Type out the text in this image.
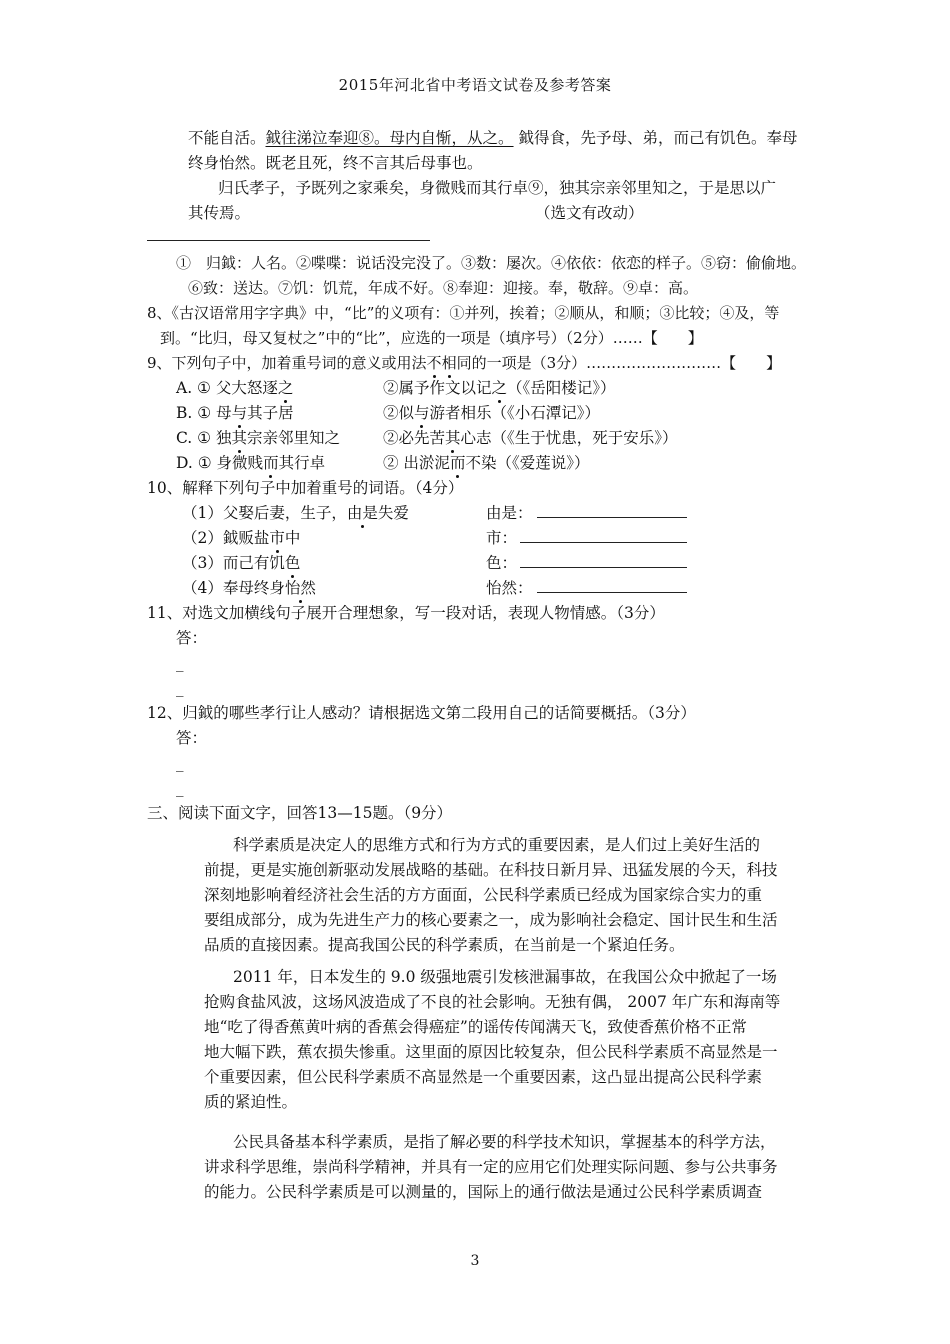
2015年河北省中考语文试卷及参考答案
不能自活。鉞往涕泣奉迎⑧。母内自惭，从之。 鉞得食，先予母、弟，而己有饥色。奉母
终身怡然。既老且死，终不言其后母事也。
归氏孝子，予既列之家乘矣，身微贱而其行卓⑨，独其宗亲邻里知之，于是思以广
其传焉。	（选文有改动）
①　归鉞：人名。②喋喋：说话没完没了。③数：屡次。④依依：依恋的样子。⑤窃：偷偷地。
⑥致：送达。⑦饥：饥荒，年成不好。⑧奉迎：迎接。奉，敬辞。⑨卓：高。
8、《古汉语常用字字典》中，“比”的义项有：①并列，挨着；②顺从，和顺；③比较；④及，等
到。“比归，母又复杖之”中的“比”，应选的一项是（填序号）（2分）……【　　】
9、下列句子中，加着重号词的意义或用法不相同的一项是（3分）………………………【　　】
A. ① 父大怒逐之	②属予作文以记之（《岳阳楼记》）
B. ① 母与其子居	②似与游者相乐（《小石潭记》）
C. ① 独其宗亲邻里知之	②必先苦其心志（《生于忧患，死于安乐》）
D. ① 身微贱而其行卓	② 出淤泥而不染（《爱莲说》）
10、解释下列句子中加着重号的词语。（4分）
（1）父娶后妻，生子，由是失爱	由是：
（2）鉞贩盐市中	市：
（3）而己有饥色	色：
（4）奉母终身怡然	怡然：
11、对选文加横线句子展开合理想象，写一段对话，表现人物情感。（3分）
答：
_
_
12、归鉞的哪些孝行让人感动？请根据选文第二段用自己的话简要概括。（3分）
答：
_
_
三、阅读下面文字，回答13—15题。（9分）
科学素质是决定人的思维方式和行为方式的重要因素，是人们过上美好生活的
前提，更是实施创新驱动发展战略的基础。在科技日新月异、迅猛发展的今天，科技
深刻地影响着经济社会生活的方方面面，公民科学素质已经成为国家综合实力的重
要组成部分，成为先进生产力的核心要素之一，成为影响社会稳定、国计民生和生活
品质的直接因素。提高我国公民的科学素质，在当前是一个紧迫任务。
2011 年，日本发生的 9.0 级强地震引发核泄漏事故，在我国公众中掀起了一场
抢购食盐风波，这场风波造成了不良的社会影响。无独有偶， 2007 年广东和海南等
地“吃了得香蕉黄叶病的香蕉会得癌症”的谣传传闻满天飞，致使香蕉价格不正常
地大幅下跌，蕉农损失惨重。这里面的原因比较复杂，但公民科学素质不高显然是一
个重要因素，但公民科学素质不高显然是一个重要因素，这凸显出提高公民科学素
质的紧迫性。
公民具备基本科学素质，是指了解必要的科学技术知识，掌握基本的科学方法，
讲求科学思维，崇尚科学精神，并具有一定的应用它们处理实际问题、参与公共事务
的能力。公民科学素质是可以测量的，国际上的通行做法是通过公民科学素质调查
3
